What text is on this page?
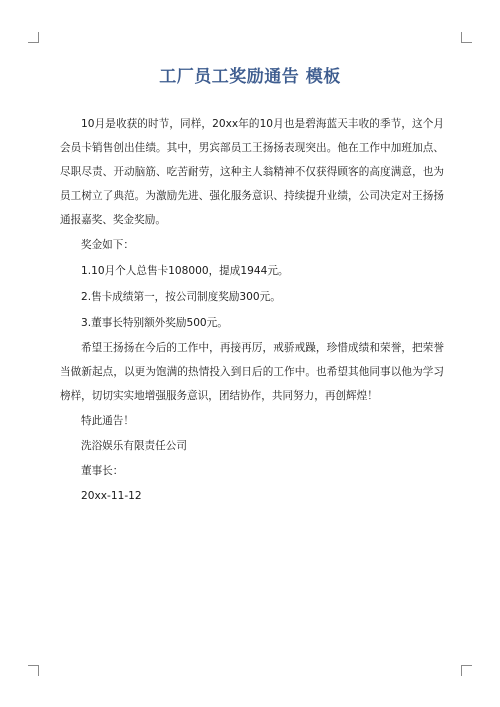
工厂员工奖励通告 模板

10月是收获的时节，同样，20xx年的10月也是碧海蓝天丰收的季节，这个月会员卡销售创出佳绩。其中，男宾部员工王扬扬表现突出。他在工作中加班加点、尽职尽责、开动脑筋、吃苦耐劳，这种主人翁精神不仅获得顾客的高度满意，也为员工树立了典范。为激励先进、强化服务意识、持续提升业绩，公司决定对王扬扬通报嘉奖、奖金奖励。

奖金如下：

1.10月个人总售卡108000，提成1944元。

2.售卡成绩第一，按公司制度奖励300元。

3.董事长特别额外奖励500元。

希望王扬扬在今后的工作中，再接再厉，戒骄戒躁，珍惜成绩和荣誉，把荣誉当做新起点，以更为饱满的热情投入到日后的工作中。也希望其他同事以他为学习榜样，切切实实地增强服务意识，团结协作，共同努力，再创辉煌！

特此通告！

洗浴娱乐有限责任公司

董事长：

20xx-11-12
